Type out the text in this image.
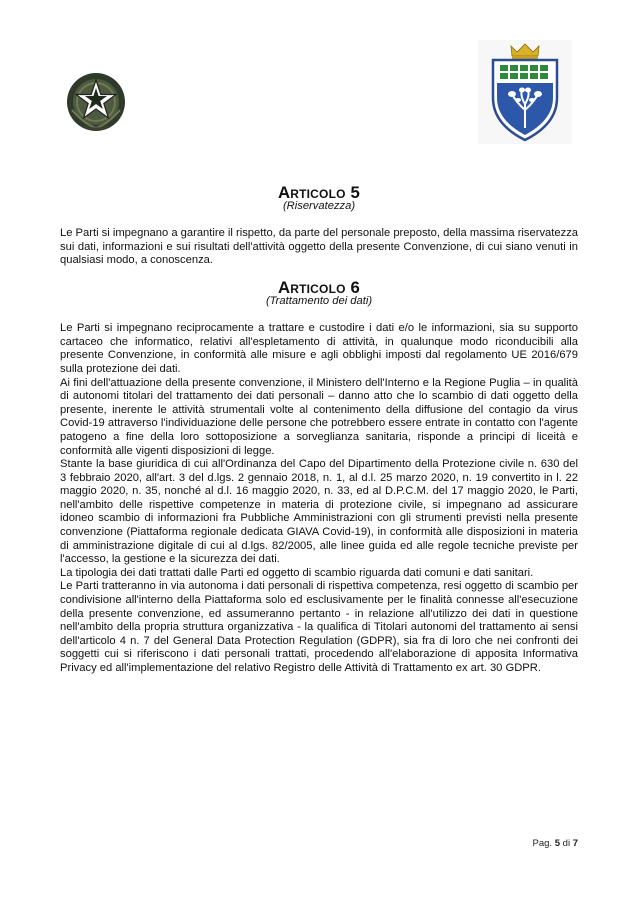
Articolo 5
(Riservatezza)

Le Parti si impegnano a garantire il rispetto, da parte del personale preposto, della massima riservatezza sui dati, informazioni e sui risultati dell'attività oggetto della presente Convenzione, di cui siano venuti in qualsiasi modo, a conoscenza.

Articolo 6
(Trattamento dei dati)

Le Parti si impegnano reciprocamente a trattare e custodire i dati e/o le informazioni, sia su supporto cartaceo che informatico, relativi all'espletamento di attività, in qualunque modo riconducibili alla presente Convenzione, in conformità alle misure e agli obblighi imposti dal regolamento UE 2016/679 sulla protezione dei dati.

Ai fini dell'attuazione della presente convenzione, il Ministero dell'Interno e la Regione Puglia – in qualità di autonomi titolari del trattamento dei dati personali – danno atto che lo scambio di dati oggetto della presente, inerente le attività strumentali volte al contenimento della diffusione del contagio da virus Covid-19 attraverso l'individuazione delle persone che potrebbero essere entrate in contatto con l'agente patogeno a fine della loro sottoposizione a sorveglianza sanitaria, risponde a principi di liceità e conformità alle vigenti disposizioni di legge.

Stante la base giuridica di cui all'Ordinanza del Capo del Dipartimento della Protezione civile n. 630 del 3 febbraio 2020, all'art. 3 del d.lgs. 2 gennaio 2018, n. 1, al d.l. 25 marzo 2020, n. 19 convertito in l. 22 maggio 2020, n. 35, nonché al d.l. 16 maggio 2020, n. 33, ed al D.P.C.M. del 17 maggio 2020, le Parti, nell'ambito delle rispettive competenze in materia di protezione civile, si impegnano ad assicurare idoneo scambio di informazioni fra Pubbliche Amministrazioni con gli strumenti previsti nella presente convenzione (Piattaforma regionale dedicata GIAVA Covid-19), in conformità alle disposizioni in materia di amministrazione digitale di cui al d.lgs. 82/2005, alle linee guida ed alle regole tecniche previste per l'accesso, la gestione e la sicurezza dei dati.

La tipologia dei dati trattati dalle Parti ed oggetto di scambio riguarda dati comuni e dati sanitari.

Le Parti tratteranno in via autonoma i dati personali di rispettiva competenza, resi oggetto di scambio per condivisione all'interno della Piattaforma solo ed esclusivamente per le finalità connesse all'esecuzione della presente convenzione, ed assumeranno pertanto - in relazione all'utilizzo dei dati in questione nell'ambito della propria struttura organizzativa - la qualifica di Titolari autonomi del trattamento ai sensi dell'articolo 4 n. 7 del General Data Protection Regulation (GDPR), sia fra di loro che nei confronti dei soggetti cui si riferiscono i dati personali trattati, procedendo all'elaborazione di apposita Informativa Privacy ed all'implementazione del relativo Registro delle Attività di Trattamento ex art. 30 GDPR.

Pag. 5 di 7
